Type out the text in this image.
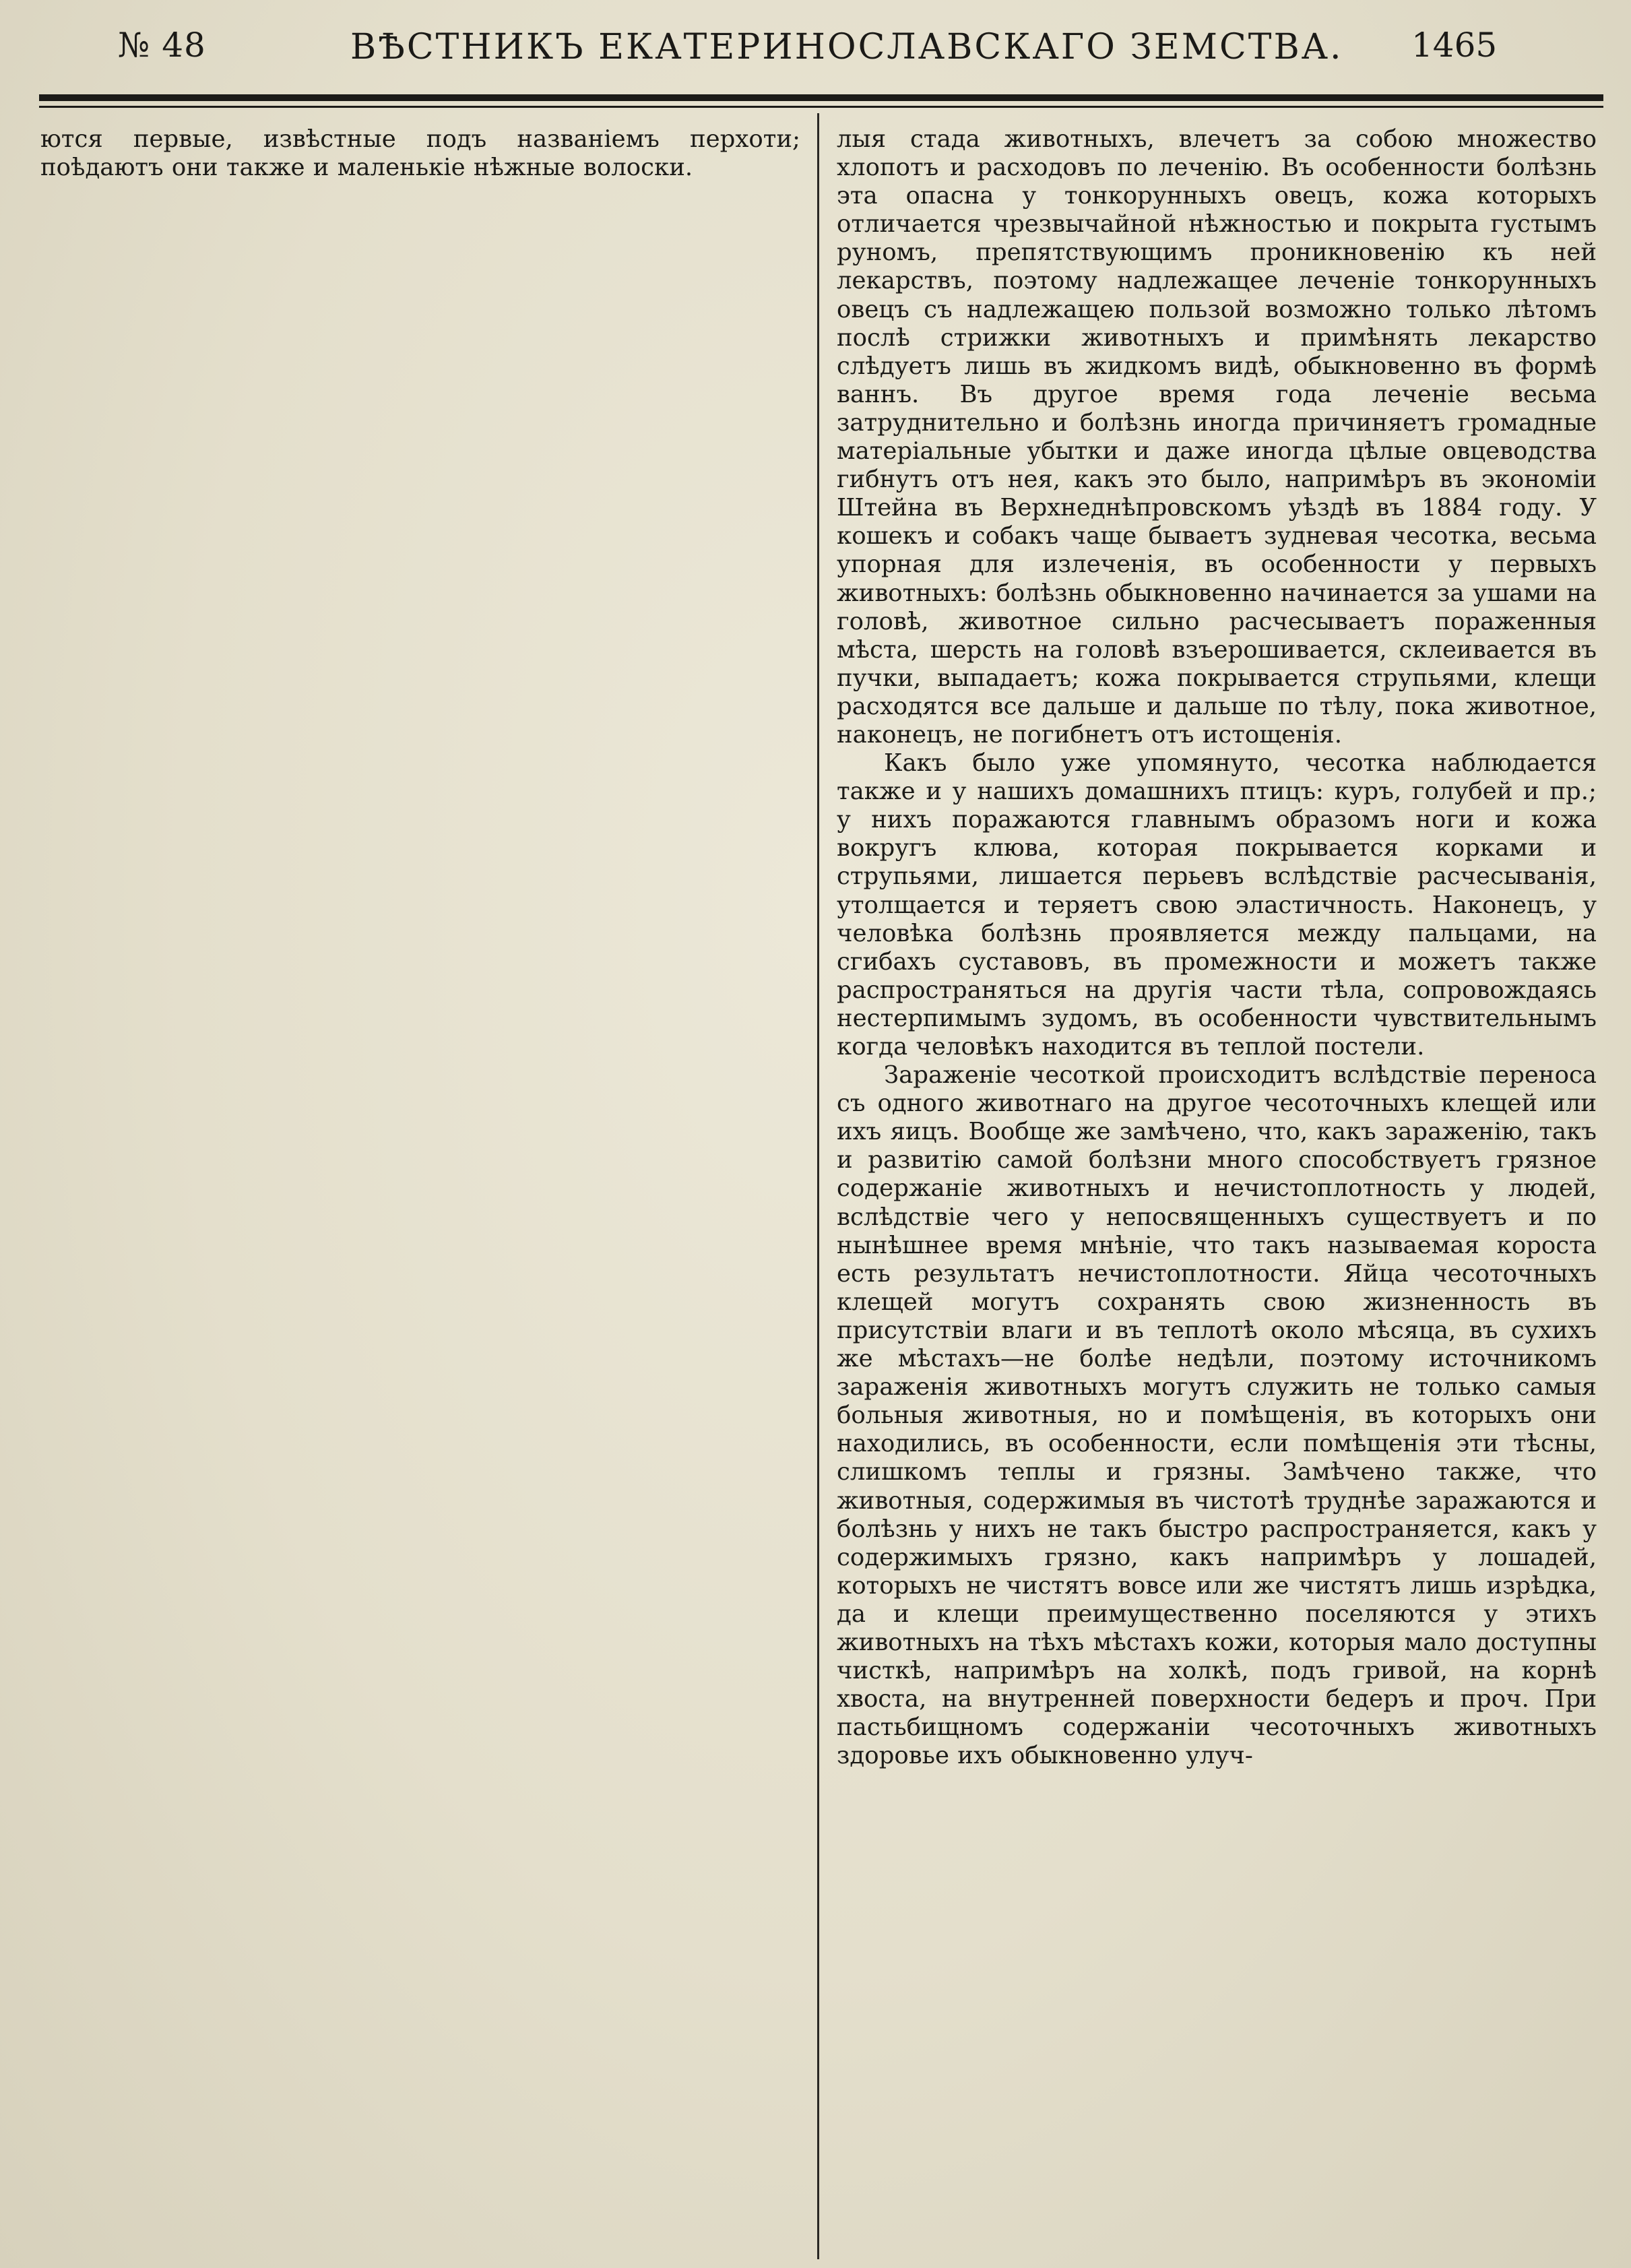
№ 48	ВѢСТНИКЪ ЕКАТЕРИНОСЛАВСКАГО ЗЕМСТВА. 1465

ются первые, извѣстные подъ названіемъ перхоти; поѣдаютъ они также и маленькіе нѣжные волоски.

лыя стада животныхъ, влечетъ за собою множество хлопотъ и расходовъ по леченію. Въ особенности болѣзнь эта опасна у тонкорунныхъ овецъ, кожа которыхъ отличается чрезвычайной нѣжностью и покрыта густымъ руномъ, препятствующимъ проникновенію къ ней лекарствъ, поэтому надлежащее леченіе тонкорунныхъ овецъ съ надлежащею пользой возможно только лѣтомъ послѣ стрижки животныхъ и примѣнять лекарство слѣдуетъ лишь въ жидкомъ видѣ, обыкновенно въ формѣ ваннъ. Въ другое время года леченіе весьма затруднительно и болѣзнь иногда причиняетъ громадные матеріальные убытки и даже иногда цѣлые овцеводства гибнутъ отъ нея, какъ это было, напримѣръ въ экономіи Штейна въ Верхнеднѣпровскомъ уѣздѣ въ 1884 году. У кошекъ и собакъ чаще бываетъ зудневая чесотка, весьма упорная для излеченія, въ особенности у первыхъ животныхъ: болѣзнь обыкновенно начинается за ушами на головѣ, животное сильно расчесываетъ пораженныя мѣста, шерсть на головѣ взъерошивается, склеивается въ пучки, выпадаетъ; кожа покрывается струпьями, клещи расходятся все дальше и дальше по тѣлу, пока животное, наконецъ, не погибнетъ отъ истощенія.

Какъ было уже упомянуто, чесотка наблюдается также и у нашихъ домашнихъ птицъ: куръ, голубей и пр.; у нихъ поражаются главнымъ образомъ ноги и кожа вокругъ клюва, которая покрывается корками и струпьями, лишается перьевъ вслѣдствіе расчесыванія, утолщается и теряетъ свою эластичность. Наконецъ, у человѣка болѣзнь проявляется между пальцами, на сгибахъ суставовъ, въ промежности и можетъ также распространяться на другія части тѣла, сопровождаясь нестерпимымъ зудомъ, въ особенности чувствительнымъ когда человѣкъ находится въ теплой постели.

Зараженіе чесоткой происходитъ вслѣдствіе переноса съ одного животнаго на другое чесоточныхъ клещей или ихъ яицъ. Вообще же замѣчено, что, какъ зараженію, такъ и развитію самой болѣзни много способствуетъ грязное содержаніе животныхъ и нечистоплотность у людей, вслѣдствіе чего у непосвященныхъ существуетъ и по нынѣшнее время мнѣніе, что такъ называемая короста есть результатъ нечистоплотности. Яйца чесоточныхъ клещей могутъ сохранять свою жизненность въ присутствіи влаги и въ теплотѣ около мѣсяца, въ сухихъ же мѣстахъ—не болѣе недѣли, поэтому источникомъ зараженія животныхъ могутъ служить не только самыя больныя животныя, но и помѣщенія, въ которыхъ они находились, въ особенности, если помѣщенія эти тѣсны, слишкомъ теплы и грязны. Замѣчено также, что животныя, содержимыя въ чистотѣ труднѣе заражаются и болѣзнь у нихъ не такъ быстро распространяется, какъ у содержимыхъ грязно, какъ напримѣръ у лошадей, которыхъ не чистятъ вовсе или же чистятъ лишь изрѣдка, да и клещи преимущественно поселяются у этихъ животныхъ на тѣхъ мѣстахъ кожи, которыя мало доступны чисткѣ, напримѣръ на холкѣ, подъ гривой, на корнѣ хвоста, на внутренней поверхности бедеръ и проч. При пастьбищномъ содержаніи чесоточныхъ животныхъ здоровье ихъ обыкновенно улуч-
